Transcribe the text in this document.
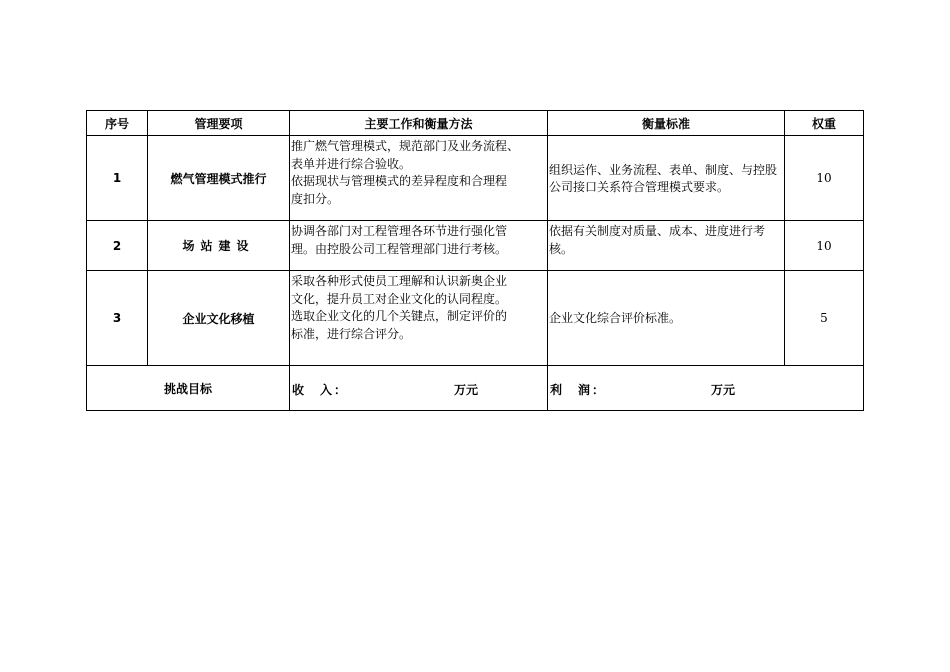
序号	管理要项	主要工作和衡量方法	衡量标准	权重
1	燃气管理模式推行	推广燃气管理模式，规范部门及业务流程、
表单并进行综合验收。
依据现状与管理模式的差异程度和合理程
度扣分。	组织运作、业务流程、表单、制度、与控股
公司接口关系符合管理模式要求。	10
2	场站建设	协调各部门对工程管理各环节进行强化管
理。由控股公司工程管理部门进行考核。	依据有关制度对质量、成本、进度进行考
核。	10
3	企业文化移植	采取各种形式使员工理解和认识新奥企业
文化，提升员工对企业文化的认同程度。
选取企业文化的几个关键点，制定评价的
标准，进行综合评分。	企业文化综合评价标准。	5
挑战目标		收　入： 万元	利　润： 万元	
